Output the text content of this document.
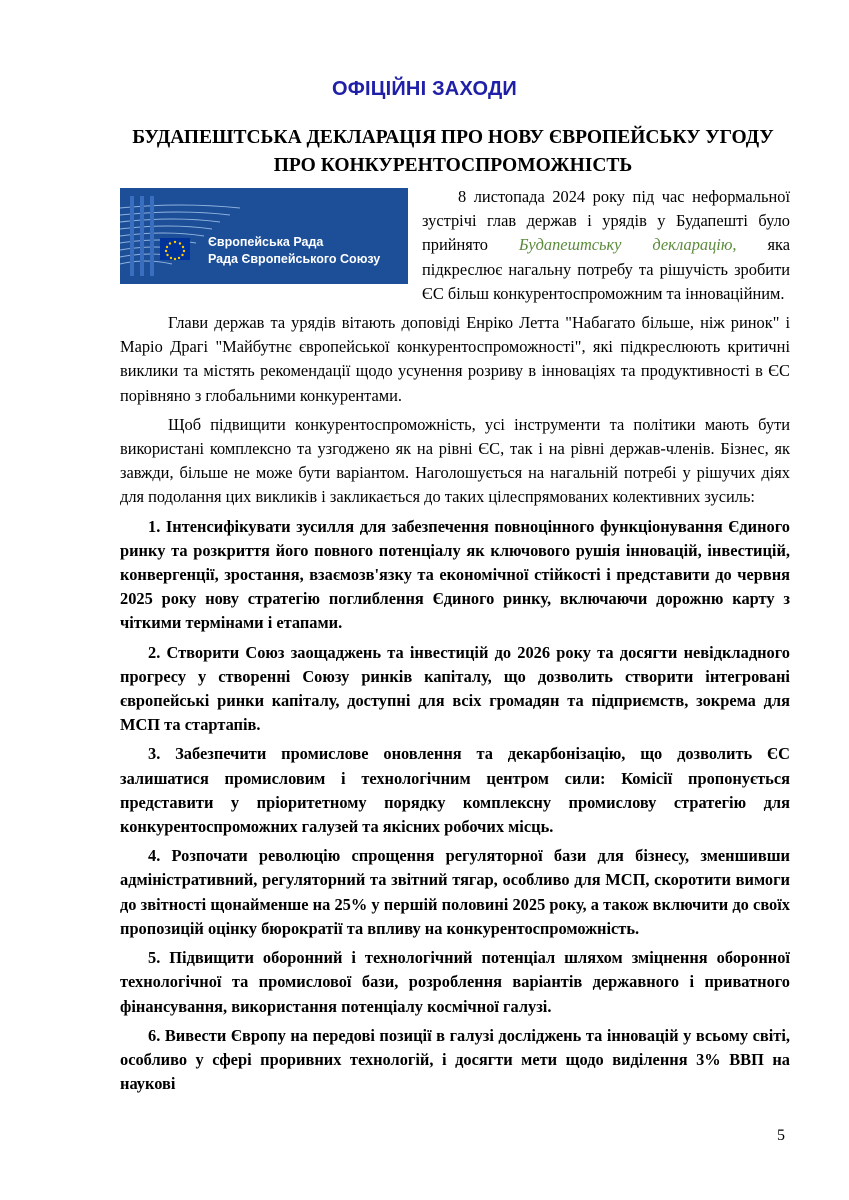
ОФІЦІЙНІ ЗАХОДИ
БУДАПЕШТСЬКА ДЕКЛАРАЦІЯ ПРО НОВУ ЄВРОПЕЙСЬКУ УГОДУ
ПРО КОНКУРЕНТОСПРОМОЖНІСТЬ
Європейська Рада
Рада Європейського Союзу

8 листопада 2024 року під час неформальної зустрічі глав держав і урядів у Будапешті було прийнято Будапештську декларацію, яка підкреслює нагальну потребу та рішучість зробити ЄС більш конкурентоспроможним та інноваційним.

Глави держав та урядів вітають доповіді Енріко Летта "Набагато більше, ніж ринок" і Маріо Драгі "Майбутнє європейської конкурентоспроможності", які підкреслюють критичні виклики та містять рекомендації щодо усунення розриву в інноваціях та продуктивності в ЄС порівняно з глобальними конкурентами.

Щоб підвищити конкурентоспроможність, усі інструменти та політики мають бути використані комплексно та узгоджено як на рівні ЄС, так і на рівні держав-членів. Бізнес, як завжди, більше не може бути варіантом. Наголошується на нагальній потребі у рішучих діях для подолання цих викликів і закликається до таких цілеспрямованих колективних зусиль:

1. Інтенсифікувати зусилля для забезпечення повноцінного функціонування Єдиного ринку та розкриття його повного потенціалу як ключового рушія інновацій, інвестицій, конвергенції, зростання, взаємозв'язку та економічної стійкості і представити до червня 2025 року нову стратегію поглиблення Єдиного ринку, включаючи дорожню карту з чіткими термінами і етапами.

2. Створити Союз заощаджень та інвестицій до 2026 року та досягти невідкладного прогресу у створенні Союзу ринків капіталу, що дозволить створити інтегровані європейські ринки капіталу, доступні для всіх громадян та підприємств, зокрема для МСП та стартапів.

3. Забезпечити промислове оновлення та декарбонізацію, що дозволить ЄС залишатися промисловим і технологічним центром сили: Комісії пропонується представити у пріоритетному порядку комплексну промислову стратегію для конкурентоспроможних галузей та якісних робочих місць.

4. Розпочати революцію спрощення регуляторної бази для бізнесу, зменшивши адміністративний, регуляторний та звітний тягар, особливо для МСП, скоротити вимоги до звітності щонайменше на 25% у першій половині 2025 року, а також включити до своїх пропозицій оцінку бюрократії та впливу на конкурентоспроможність.

5. Підвищити оборонний і технологічний потенціал шляхом зміцнення оборонної технологічної та промислової бази, розроблення варіантів державного і приватного фінансування, використання потенціалу космічної галузі.

6. Вивести Європу на передові позиції в галузі досліджень та інновацій у всьому світі, особливо у сфері проривних технологій, і досягти мети щодо виділення 3% ВВП на наукові

5
